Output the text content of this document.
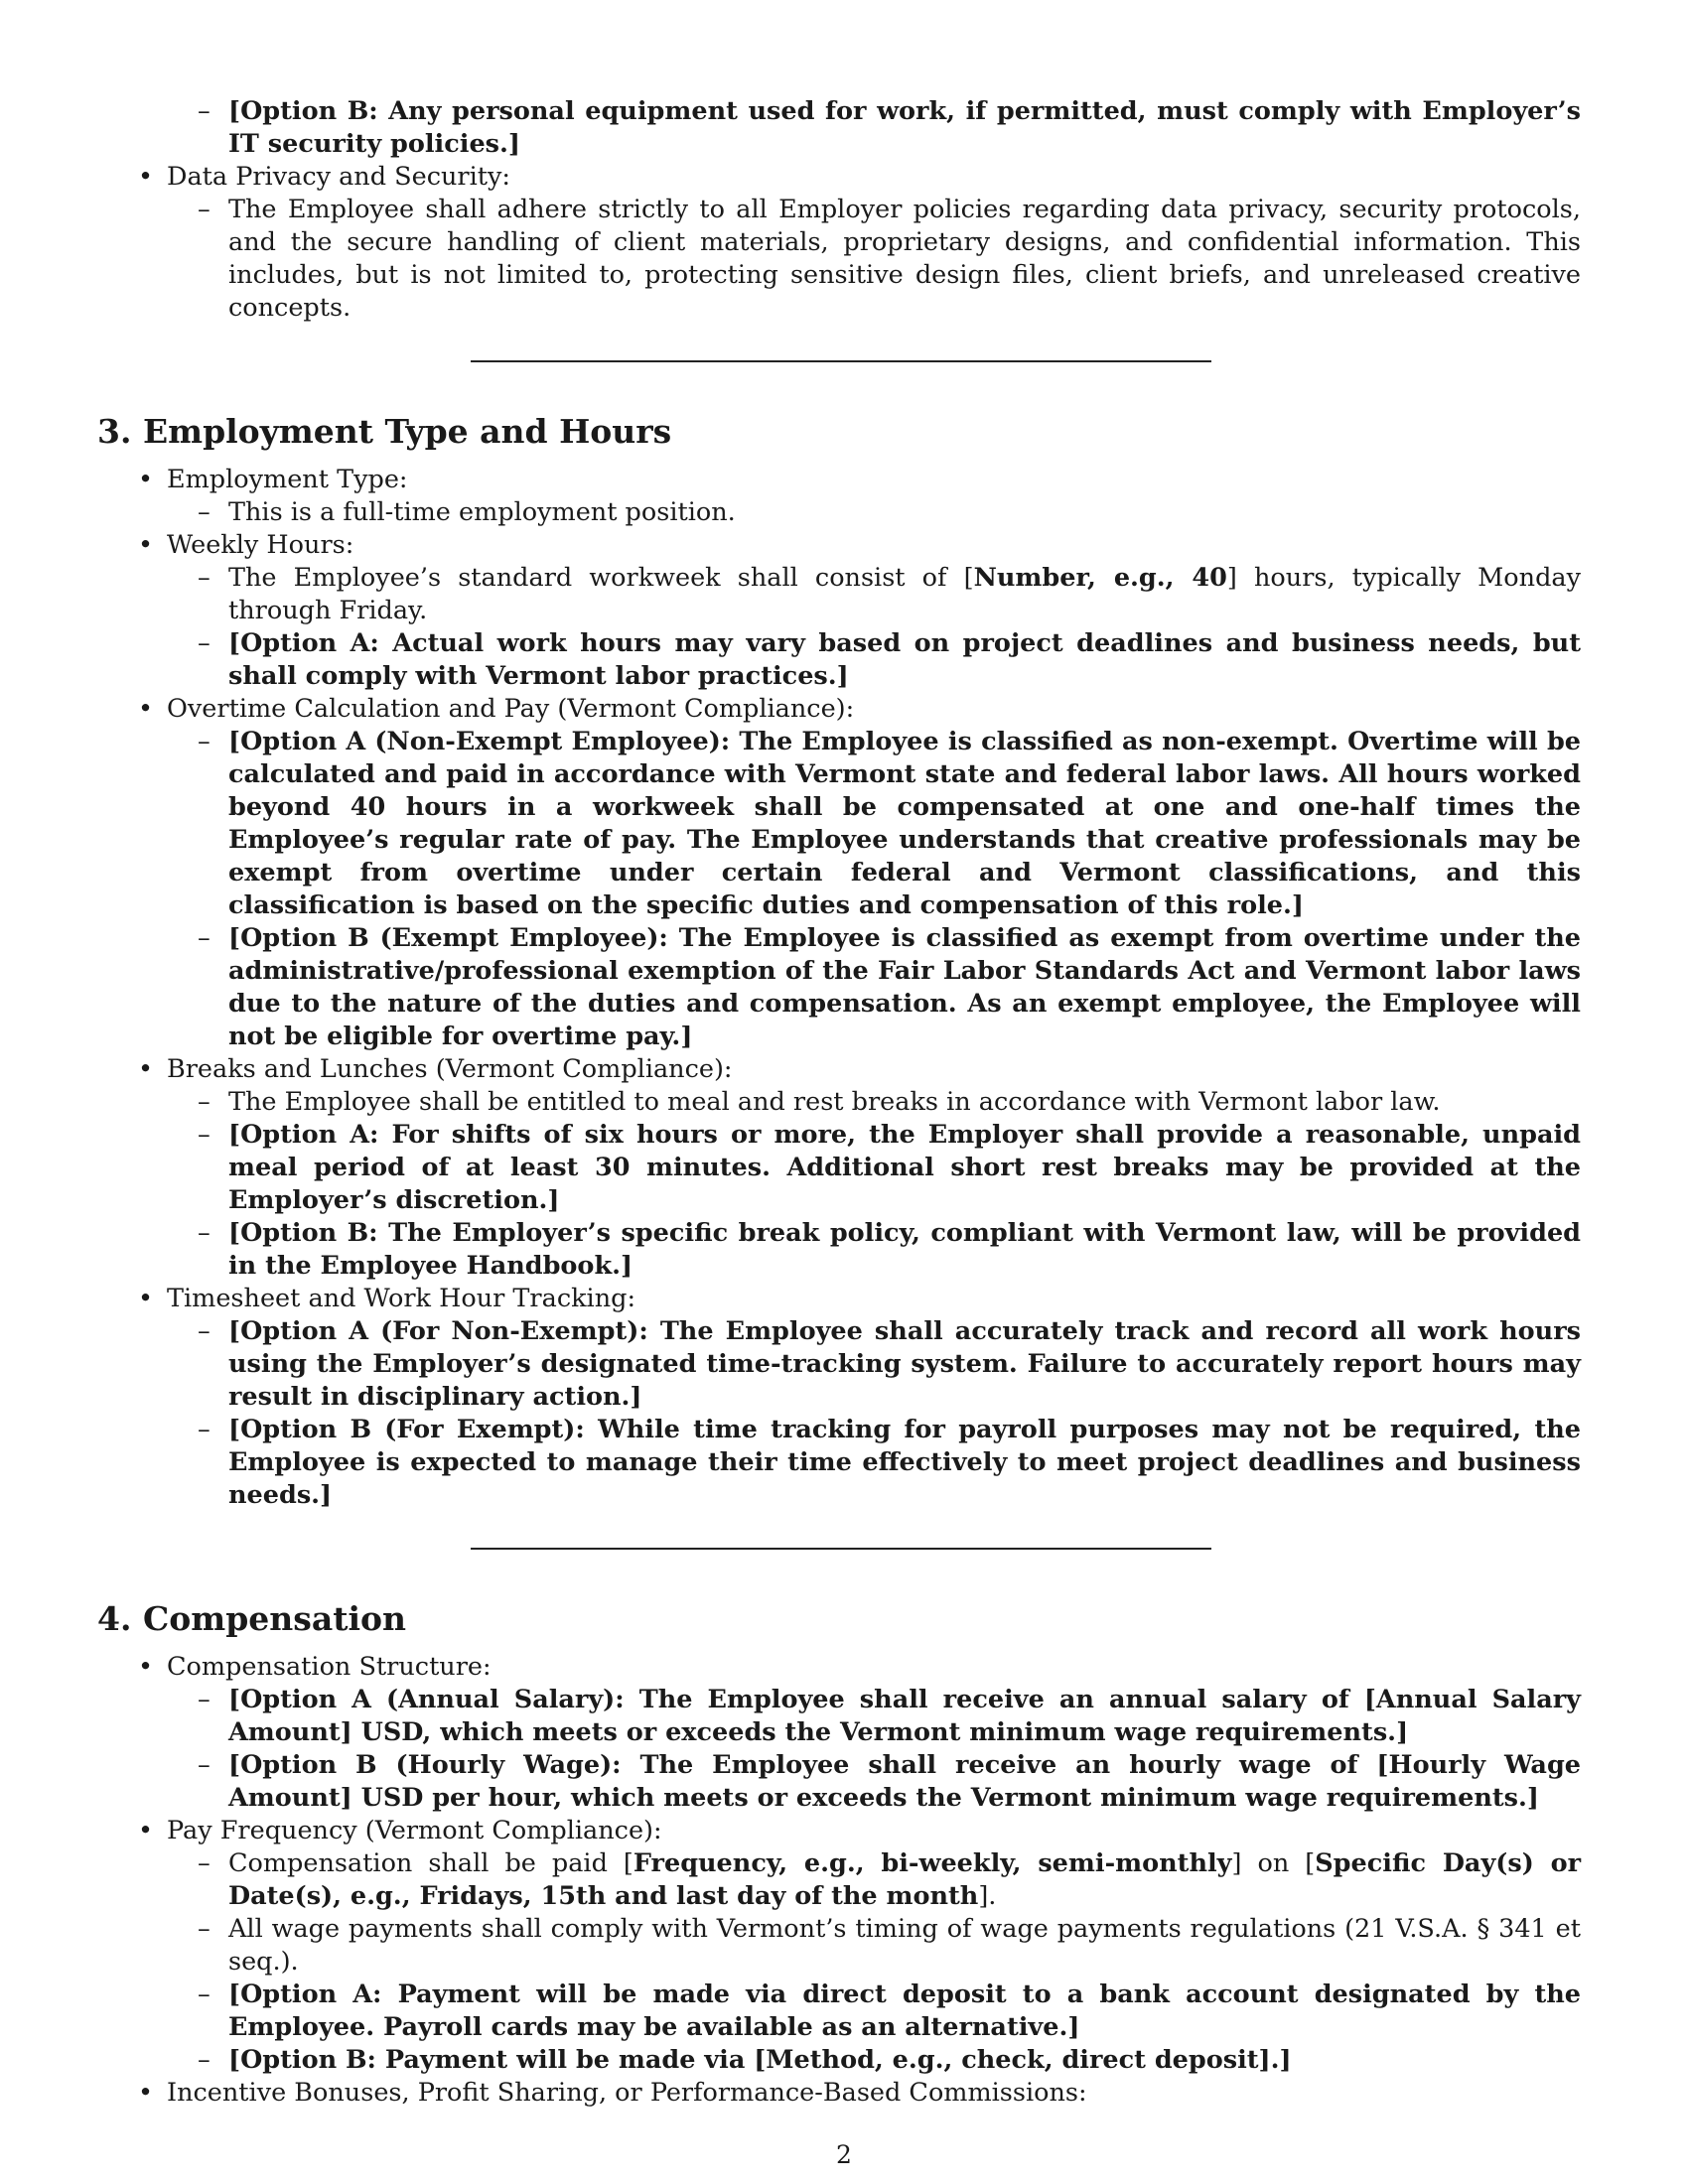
– [Option B: Any personal equipment used for work, if permitted, must comply with Employer’s IT security policies.]
• Data Privacy and Security:
– The Employee shall adhere strictly to all Employer policies regarding data privacy, security protocols, and the secure handling of client materials, proprietary designs, and confidential information. This includes, but is not limited to, protecting sensitive design files, client briefs, and unreleased creative concepts.
3. Employment Type and Hours
• Employment Type:
– This is a full-time employment position.
• Weekly Hours:
– The Employee’s standard workweek shall consist of [Number, e.g., 40] hours, typically Monday through Friday.
– [Option A: Actual work hours may vary based on project deadlines and business needs, but shall comply with Vermont labor practices.]
• Overtime Calculation and Pay (Vermont Compliance):
– [Option A (Non-Exempt Employee): The Employee is classified as non-exempt. Overtime will be calculated and paid in accordance with Vermont state and federal labor laws. All hours worked beyond 40 hours in a workweek shall be compensated at one and one-half times the Employee’s regular rate of pay. The Employee understands that creative professionals may be exempt from overtime under certain federal and Vermont classifications, and this classification is based on the specific duties and compensation of this role.]
– [Option B (Exempt Employee): The Employee is classified as exempt from overtime under the administrative/professional exemption of the Fair Labor Standards Act and Vermont labor laws due to the nature of the duties and compensation. As an exempt employee, the Employee will not be eligible for overtime pay.]
• Breaks and Lunches (Vermont Compliance):
– The Employee shall be entitled to meal and rest breaks in accordance with Vermont labor law.
– [Option A: For shifts of six hours or more, the Employer shall provide a reasonable, unpaid meal period of at least 30 minutes. Additional short rest breaks may be provided at the Employer’s discretion.]
– [Option B: The Employer’s specific break policy, compliant with Vermont law, will be provided in the Employee Handbook.]
• Timesheet and Work Hour Tracking:
– [Option A (For Non-Exempt): The Employee shall accurately track and record all work hours using the Employer’s designated time-tracking system. Failure to accurately report hours may result in disciplinary action.]
– [Option B (For Exempt): While time tracking for payroll purposes may not be required, the Employee is expected to manage their time effectively to meet project deadlines and business needs.]
4. Compensation
• Compensation Structure:
– [Option A (Annual Salary): The Employee shall receive an annual salary of [Annual Salary Amount] USD, which meets or exceeds the Vermont minimum wage requirements.]
– [Option B (Hourly Wage): The Employee shall receive an hourly wage of [Hourly Wage Amount] USD per hour, which meets or exceeds the Vermont minimum wage requirements.]
• Pay Frequency (Vermont Compliance):
– Compensation shall be paid [Frequency, e.g., bi-weekly, semi-monthly] on [Specific Day(s) or Date(s), e.g., Fridays, 15th and last day of the month].
– All wage payments shall comply with Vermont’s timing of wage payments regulations (21 V.S.A. § 341 et seq.).
– [Option A: Payment will be made via direct deposit to a bank account designated by the Employee. Payroll cards may be available as an alternative.]
– [Option B: Payment will be made via [Method, e.g., check, direct deposit].]
• Incentive Bonuses, Profit Sharing, or Performance-Based Commissions:
2
